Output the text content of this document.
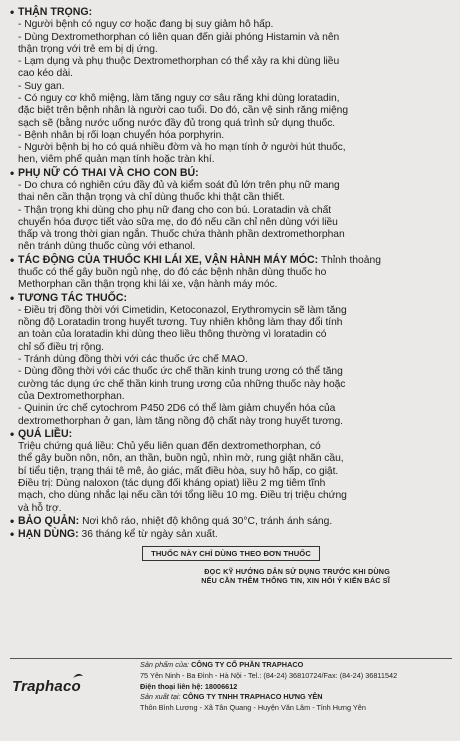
• THẬN TRỌNG:
- Người bệnh có nguy cơ hoặc đang bị suy giảm hô hấp.
- Dùng Dextromethorphan có liên quan đến giải phóng Histamin và nên
thận trọng với trẻ em bị dị ứng.
- Lạm dụng và phụ thuộc Dextromethorphan có thể xảy ra khi dùng liều
cao kéo dài.
- Suy gan.
- Có nguy cơ khô miệng, làm tăng nguy cơ sâu răng khi dùng loratadin,
đặc biệt trên bệnh nhân là người cao tuổi. Do đó, cần vệ sinh răng miệng
sạch sẽ (bằng nước uống nước đầy đủ trong quá trình sử dụng thuốc.
- Bệnh nhân bị rối loạn chuyển hóa porphyrin.
- Người bệnh bị ho có quá nhiều đờm và ho mạn tính ở người hút thuốc,
hen, viêm phế quản mạn tính hoặc tràn khí.
• PHỤ NỮ CÓ THAI VÀ CHO CON BÚ:
- Do chưa có nghiên cứu đầy đủ và kiểm soát đủ lớn trên phụ nữ mang
thai nên cần thận trọng và chỉ dùng thuốc khi thật cần thiết.
- Thận trọng khi dùng cho phụ nữ đang cho con bú. Loratadin và chất
chuyển hóa được tiết vào sữa mẹ, do đó nếu cần chỉ nên dùng với liều
thấp và trong thời gian ngắn. Thuốc chứa thành phần dextromethorphan
nên tránh dùng thuốc cùng với ethanol.
• TÁC ĐỘNG CỦA THUỐC KHI LÁI XE, VẬN HÀNH MÁY MÓC: Thỉnh thoảng
thuốc có thể gây buồn ngủ nhẹ, do đó các bệnh nhân dùng thuốc ho
Methorphan cần thận trọng khi lái xe, vận hành máy móc.
• TƯƠNG TÁC THUỐC:
- Điều trị đồng thời với Cimetidin, Ketoconazol, Erythromycin sẽ làm tăng
nồng độ Loratadin trong huyết tương. Tuy nhiên không làm thay đổi tính
an toàn của loratadin khi dùng theo liều thông thường vì loratadin có
chỉ số điều trị rộng.
- Tránh dùng đồng thời với các thuốc ức chế MAO.
- Dùng đồng thời với các thuốc ức chế thần kinh trung ương có thể tăng
cường tác dụng ức chế thần kinh trung ương của những thuốc này hoặc
của Dextromethorphan.
- Quinin ức chế cytochrom P450 2D6 có thể làm giảm chuyển hóa của
dextromethorphan ở gan, làm tăng nồng độ chất này trong huyết tương.
• QUÁ LIỀU:
Triệu chứng quá liều: Chủ yếu liên quan đến dextromethorphan, có
thể gây buồn nôn, nôn, an thần, buồn ngủ, nhìn mờ, rung giật nhãn cầu,
bí tiểu tiện, trạng thái tê mê, ảo giác, mất điều hòa, suy hô hấp, co giật.
Điều trị: Dùng naloxon (tác dụng đối kháng opiat) liều 2 mg tiêm tĩnh
mạch, cho dùng nhắc lại nếu cần tới tổng liều 10 mg. Điều trị triệu chứng
và hỗ trợ.
• BẢO QUẢN: Nơi khô ráo, nhiệt độ không quá 30°C, tránh ánh sáng.
• HẠN DÙNG: 36 tháng kể từ ngày sản xuất.
THUỐC NÀY CHỈ DÙNG THEO ĐƠN THUỐC
ĐỌC KỸ HƯỚNG DẪN SỬ DỤNG TRƯỚC KHI DÙNG
NẾU CẦN THÊM THÔNG TIN, XIN HỎI Ý KIẾN BÁC SĨ
Traphaco
Sản phẩm của: CÔNG TY CỔ PHẦN TRAPHACO
75 Yên Ninh - Ba Đình - Hà Nội - Tel.: (84-24) 36810724/Fax: (84-24) 36811542
Điện thoại liên hệ: 18006612
Sản xuất tại: CÔNG TY TNHH TRAPHACO HƯNG YÊN
Thôn Bình Lương - Xã Tân Quang - Huyện Văn Lâm - Tỉnh Hưng Yên
